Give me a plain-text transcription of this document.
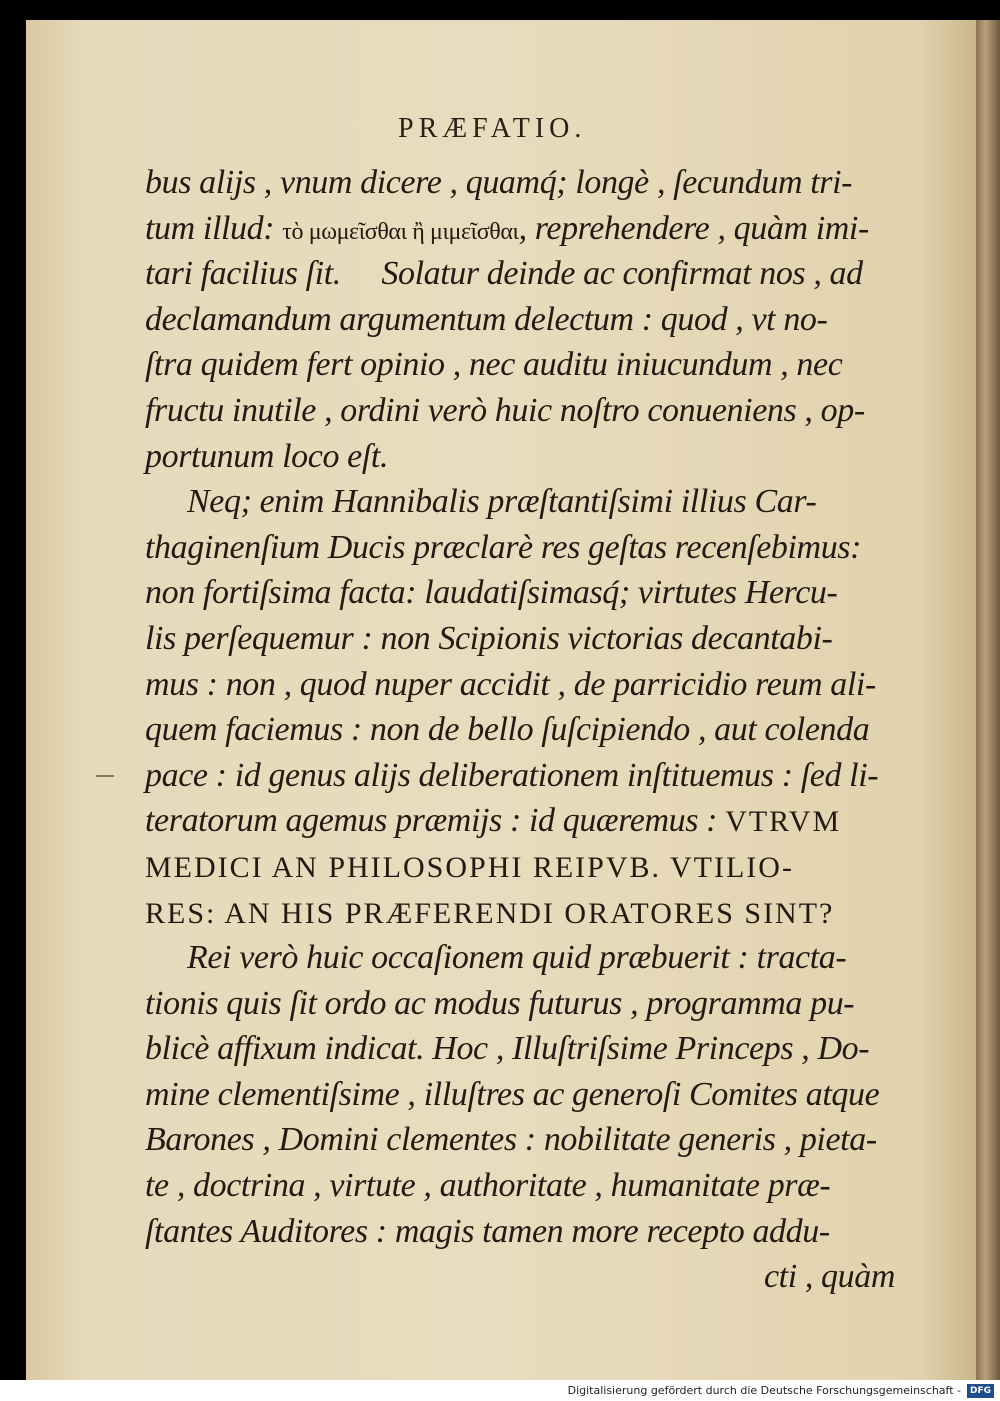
PRÆFATIO.
bus aliјs , vnum dicere , quamq́; longè , ſecundum tri-
tum illud: τὸ μωμεῖσθαι ἢ μιμεῖσθαι, reprehendere , quàm imi-
tari facilius ſit.     Solatur deinde ac confirmat nos , ad
declamandum argumentum delectum : quod , vt no-
ſtra quidem fert opinio , nec auditu iniucundum , nec
fructu inutile , ordini verò huic noſtro conueniens , op-
portunum loco eſt.
Neq; enim Hannibalis præſtantiſsimi illius Car-
thaginenſium Ducis præclarè res geſtas recenſebimus:
non fortiſsima facta: laudatiſsimasq́; virtutes Hercu-
lis perſequemur : non Scipionis victorias decantabi-
mus : non , quod nuper accidit , de parricidio reum ali-
quem faciemus : non de bello ſuſcipiendo , aut colenda
pace : id genus aliјs deliberationem inſtituemus : ſed li-
teratorum agemus præmiјs : id quæremus : VTRVM
MEDICI AN PHILOSOPHI REIPVB. VTILIO-
RES: AN HIS PRÆFERENDI ORATORES SINT?
Rei verò huic occaſionem quid præbuerit : tracta-
tionis quis ſit ordo ac modus futurus , programma pu-
blicè affixum indicat. Hoc , Illuſtriſsime Princeps , Do-
mine clementiſsime , illuſtres ac generoſi Comites atque
Barones , Domini clementes : nobilitate generis , pieta-
te , doctrina , virtute , authoritate , humanitate præ-
ſtantes Auditores : magis tamen more recepto addu-
cti , quàm
Digitalisierung gefördert durch die Deutsche Forschungsgemeinschaft - DFG
